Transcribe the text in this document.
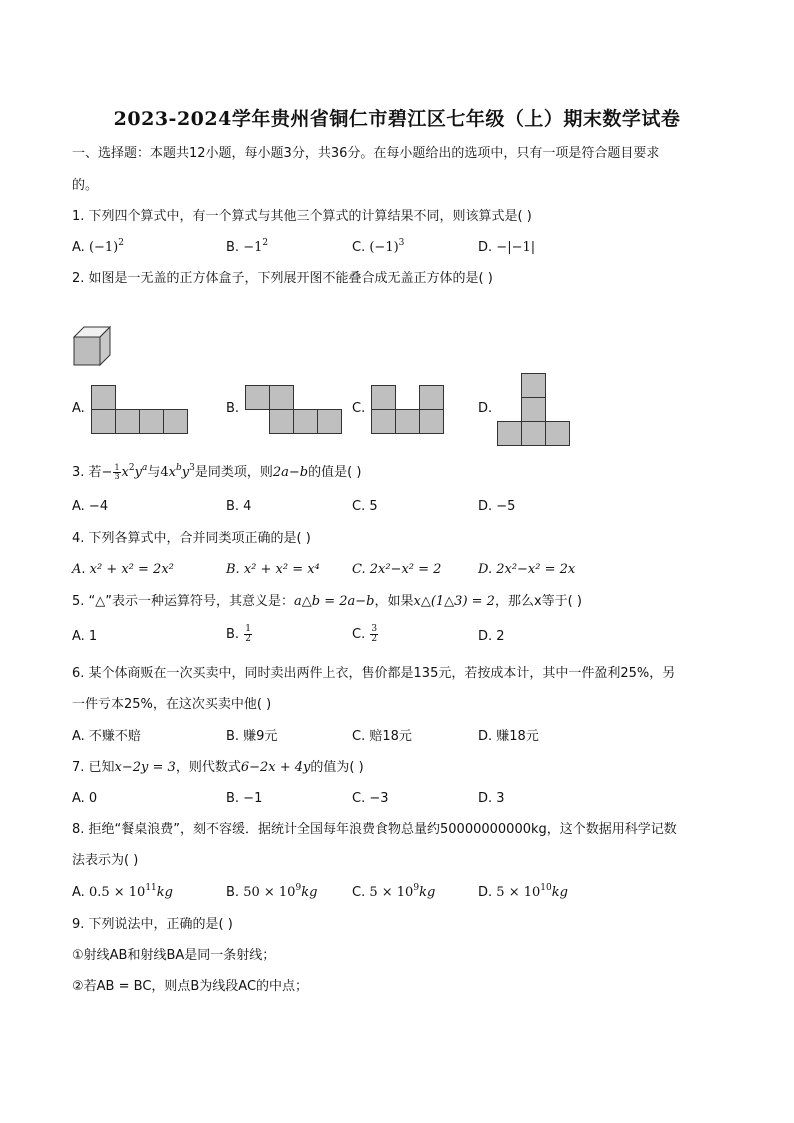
2023-2024学年贵州省铜仁市碧江区七年级（上）期末数学试卷
一、选择题：本题共12小题，每小题3分，共36分。在每小题给出的选项中，只有一项是符合题目要求
的。
1. 下列四个算式中，有一个算式与其他三个算式的计算结果不同，则该算式是( )
A. $(-1)^2$	B. $-1^2$	C. $(-1)^3$	D. −|−1|
2. 如图是一无盖的正方体盒子，下列展开图不能叠合成无盖正方体的是( )
A.	B.	C.	D.
3. 若− $\frac{1}{3} x^2y^a$与$4x^by^3$是同类项，则2a−b的值是( )
A. −4	B. 4	C. 5	D. −5
4. 下列各算式中，合并同类项正确的是( )
A. x² + x² = 2x²	B. x² + x² = x⁴ C. 2x²−x² = 2	D. 2x²−x² = 2x
5. “△”表示一种运算符号，其意义是：a△b = 2a−b，如果x△(1△3) = 2，那么x等于( )
A. 1	B. $\frac{1}{2}$	C. $\frac{3}{2}$	D. 2
6. 某个体商贩在一次买卖中，同时卖出两件上衣，售价都是135元，若按成本计，其中一件盈利25%，另
一件亏本25%，在这次买卖中他( )
A. 不赚不赔	B. 赚9元	C. 赔18元	D. 赚18元
7. 已知x−2y = 3，则代数式6−2x + 4y的值为( )
A. 0	B. −1	C. −3	D. 3
8. 拒绝“餐桌浪费”，刻不容缓．据统计全国每年浪费食物总量约50000000000kg，这个数据用科学记数
法表示为( )
A. $0.5 \times 10^{11}kg$	B. $50 \times 10^9kg$	C. $5 \times 10^9kg$	D. $5 \times 10^{10}kg$
9. 下列说法中，正确的是( )
①射线AB和射线BA是同一条射线；
②若AB = BC，则点B为线段AC的中点；
